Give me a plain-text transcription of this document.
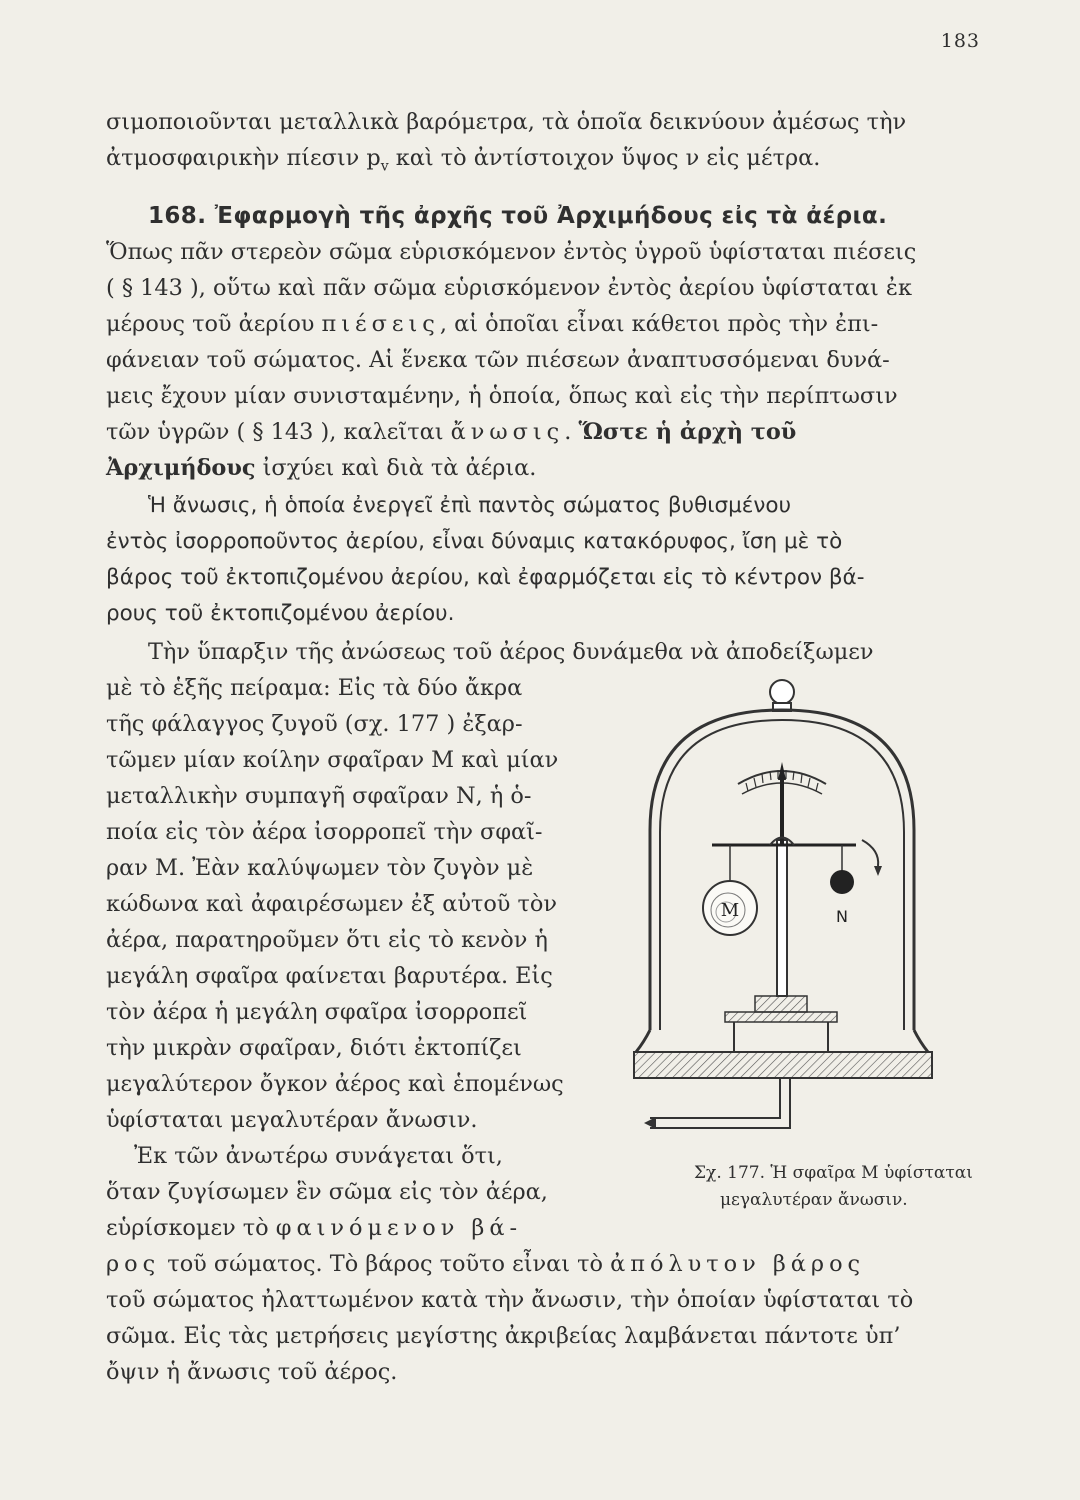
183
σιμοποιοῦνται μεταλλικὰ βαρόμετρα, τὰ ὁποῖα δεικνύουν ἀμέσως τὴν
ἀτμοσφαιρικὴν πίεσιν $p_v$ καὶ τὸ ἀντίστοιχον ὕψος ν εἰς μέτρα.
168. Ἐφαρμογὴ τῆς ἀρχῆς τοῦ Ἀρχιμήδους εἰς τὰ ἀέρια.
Ὅπως πᾶν στερεὸν σῶμα εὑρισκόμενον ἐντὸς ὑγροῦ ὑφίσταται πιέσεις
( § 143 ), οὕτω καὶ πᾶν σῶμα εὑρισκόμενον ἐντὸς ἀερίου ὑφίσταται ἐκ
μέρους τοῦ ἀερίου πιέσεις, αἱ ὁποῖαι εἶναι κάθετοι πρὸς τὴν ἐπι-
φάνειαν τοῦ σώματος. Αἱ ἕνεκα τῶν πιέσεων ἀναπτυσσόμεναι δυνά-
μεις ἔχουν μίαν συνισταμένην, ἡ ὁποία, ὅπως καὶ εἰς τὴν περίπτωσιν
τῶν ὑγρῶν ( § 143 ), καλεῖται ἄνωσις. Ὥστε ἡ ἀρχὴ τοῦ
Ἀρχιμήδους ἰσχύει καὶ διὰ τὰ ἀέρια.
Ἡ ἄνωσις, ἡ ὁποία ἐνεργεῖ ἐπὶ παντὸς σώματος βυθισμένου
ἐντὸς ἰσορροποῦντος ἀερίου, εἶναι δύναμις κατακόρυφος, ἴση μὲ τὸ
βάρος τοῦ ἐκτοπιζομένου ἀερίου, καὶ ἐφαρμόζεται εἰς τὸ κέντρον βά-
ρους τοῦ ἐκτοπιζομένου ἀερίου.
Τὴν ὕπαρξιν τῆς ἀνώσεως τοῦ ἀέρος δυνάμεθα νὰ ἀποδείξωμεν
μὲ τὸ ἑξῆς πείραμα: Εἰς τὰ δύο ἄκρα
τῆς φάλαγγος ζυγοῦ (σχ. 177 ) ἐξαρ-
τῶμεν μίαν κοίλην σφαῖραν Μ καὶ μίαν
μεταλλικὴν συμπαγῆ σφαῖραν Ν, ἡ ὁ-
ποία εἰς τὸν ἀέρα ἰσορροπεῖ τὴν σφαῖ-
ραν Μ. Ἐὰν καλύψωμεν τὸν ζυγὸν μὲ
κώδωνα καὶ ἀφαιρέσωμεν ἐξ αὐτοῦ τὸν
ἀέρα, παρατηροῦμεν ὅτι εἰς τὸ κενὸν ἡ
μεγάλη σφαῖρα φαίνεται βαρυτέρα. Εἰς
τὸν ἀέρα ἡ μεγάλη σφαῖρα ἰσορροπεῖ
τὴν μικρὰν σφαῖραν, διότι ἐκτοπίζει
μεγαλύτερον ὄγκον ἀέρος καὶ ἑπομένως
ὑφίσταται μεγαλυτέραν ἄνωσιν.
Ἐκ τῶν ἀνωτέρω συνάγεται ὅτι,
ὅταν ζυγίσωμεν ἓν σῶμα εἰς τὸν ἀέρα,
εὑρίσκομεν τὸ φαινόμενον βά-
ρος τοῦ σώματος. Τὸ βάρος τοῦτο εἶναι τὸ ἀπόλυτον βάρος
τοῦ σώματος ἠλαττωμένον κατὰ τὴν ἄνωσιν, τὴν ὁποίαν ὑφίσταται τὸ
σῶμα. Εἰς τὰς μετρήσεις μεγίστης ἀκριβείας λαμβάνεται πάντοτε ὑπ’
ὄψιν ἡ ἄνωσις τοῦ ἀέρος.
M	N
Σχ. 177. Ἡ σφαῖρα Μ ὑφίσταται
μεγαλυτέραν ἄνωσιν.
